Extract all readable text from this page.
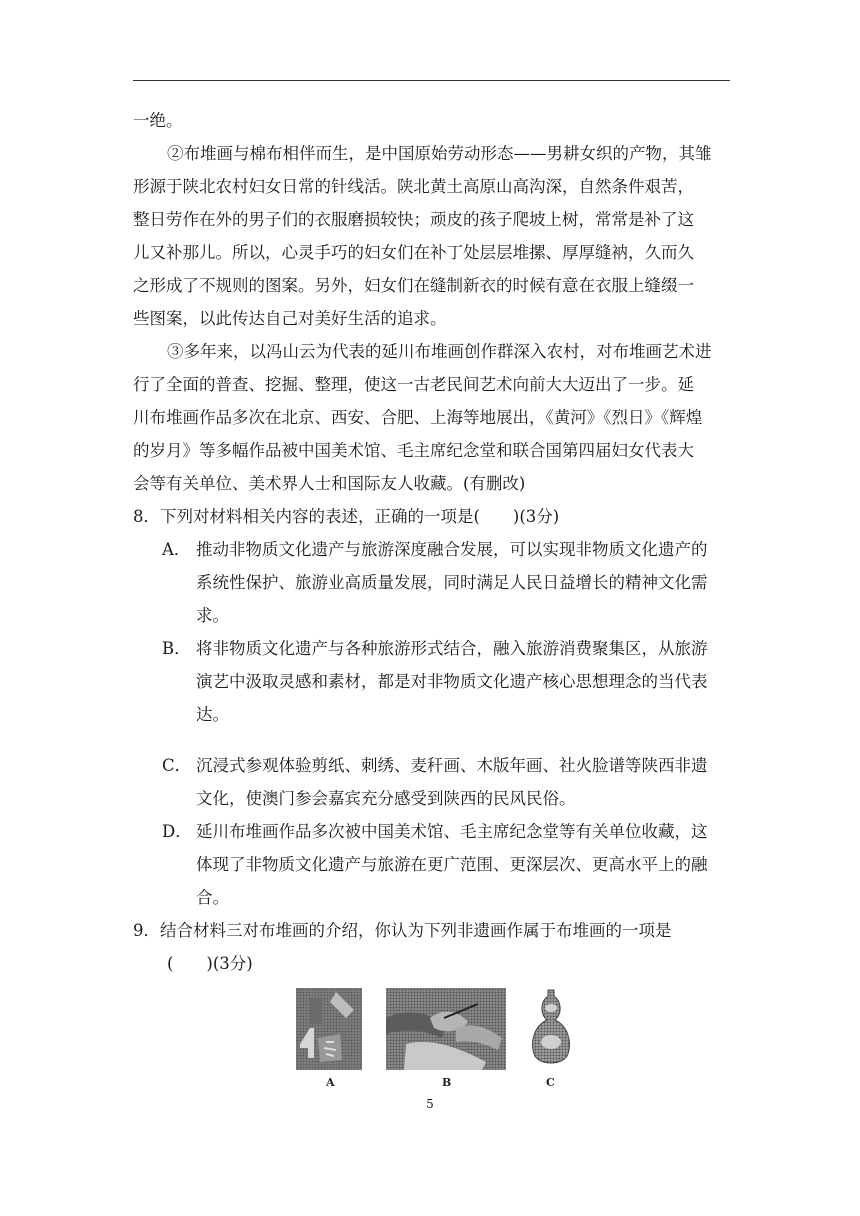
一绝。

②布堆画与棉布相伴而生，是中国原始劳动形态——男耕女织的产物，其雏

形源于陕北农村妇女日常的针线活。陕北黄土高原山高沟深，自然条件艰苦，

整日劳作在外的男子们的衣服磨损较快；顽皮的孩子爬坡上树，常常是补了这

儿又补那儿。所以，心灵手巧的妇女们在补丁处层层堆摞、厚厚缝衲，久而久

之形成了不规则的图案。另外，妇女们在缝制新衣的时候有意在衣服上缝缀一

些图案，以此传达自己对美好生活的追求。

③多年来，以冯山云为代表的延川布堆画创作群深入农村，对布堆画艺术进

行了全面的普查、挖掘、整理，使这一古老民间艺术向前大大迈出了一步。延

川布堆画作品多次在北京、西安、合肥、上海等地展出，《黄河》《烈日》《辉煌

的岁月》等多幅作品被中国美术馆、毛主席纪念堂和联合国第四届妇女代表大

会等有关单位、美术界人士和国际友人收藏。(有删改)

8．下列对材料相关内容的表述，正确的一项是(　　)(3分)
A． 推动非物质文化遗产与旅游深度融合发展，可以实现非物质文化遗产的
系统性保护、旅游业高质量发展，同时满足人民日益增长的精神文化需
求。
B． 将非物质文化遗产与各种旅游形式结合，融入旅游消费聚集区，从旅游
演艺中汲取灵感和素材，都是对非物质文化遗产核心思想理念的当代表
达。
C． 沉浸式参观体验剪纸、刺绣、麦秆画、木版年画、社火脸谱等陕西非遗
文化，使澳门参会嘉宾充分感受到陕西的民风民俗。
D． 延川布堆画作品多次被中国美术馆、毛主席纪念堂等有关单位收藏，这
体现了非物质文化遗产与旅游在更广范围、更深层次、更高水平上的融
合。
9．结合材料三对布堆画的介绍，你认为下列非遗画作属于布堆画的一项是
(　　)(3分)
A	B	C
5
